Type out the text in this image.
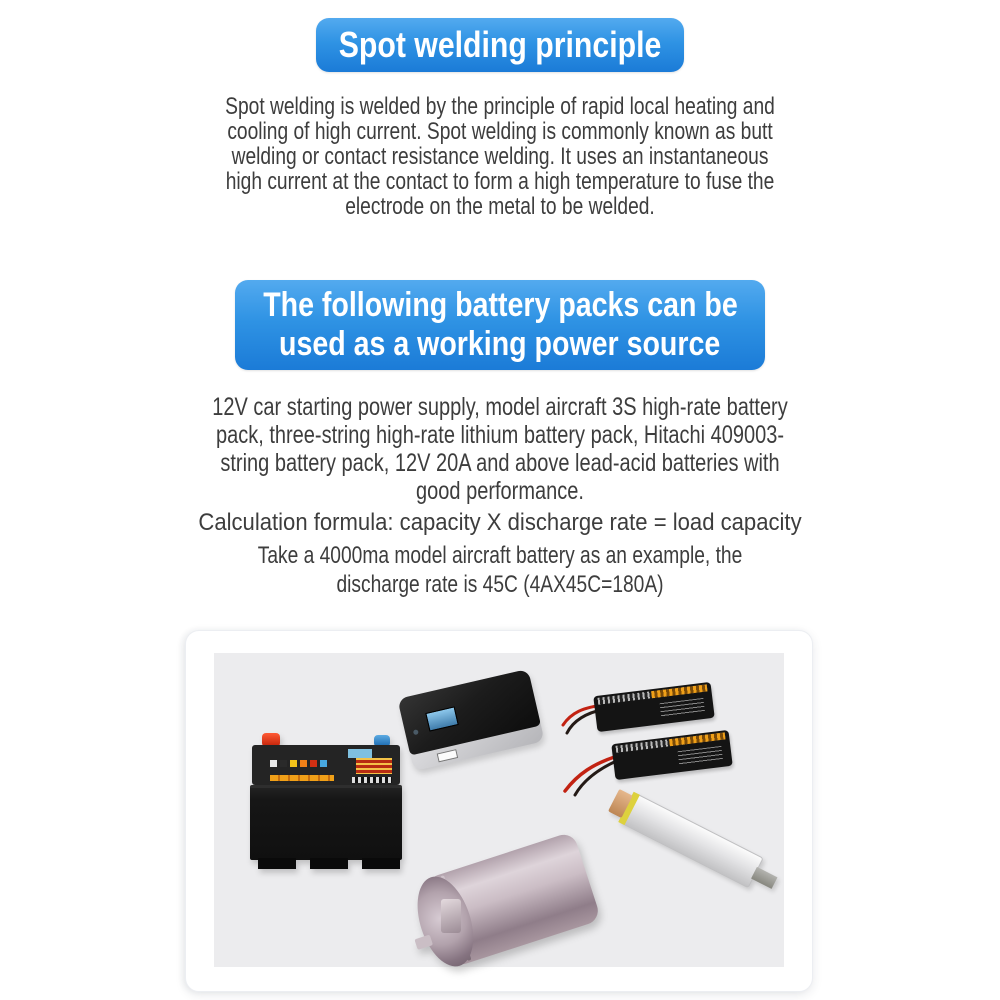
Spot welding principle

Spot welding is welded by the principle of rapid local heating and
cooling of high current. Spot welding is commonly known as butt
welding or contact resistance welding. It uses an instantaneous
high current at the contact to form a high temperature to fuse the
electrode on the metal to be welded.

The following battery packs can be
used as a working power source

12V car starting power supply, model aircraft 3S high-rate battery
pack, three-string high-rate lithium battery pack, Hitachi 409003-
string battery pack, 12V 20A and above lead-acid batteries with
good performance.

Calculation formula: capacity X discharge rate = load capacity

Take a 4000ma model aircraft battery as an example, the
discharge rate is 45C (4AX45C=180A)
